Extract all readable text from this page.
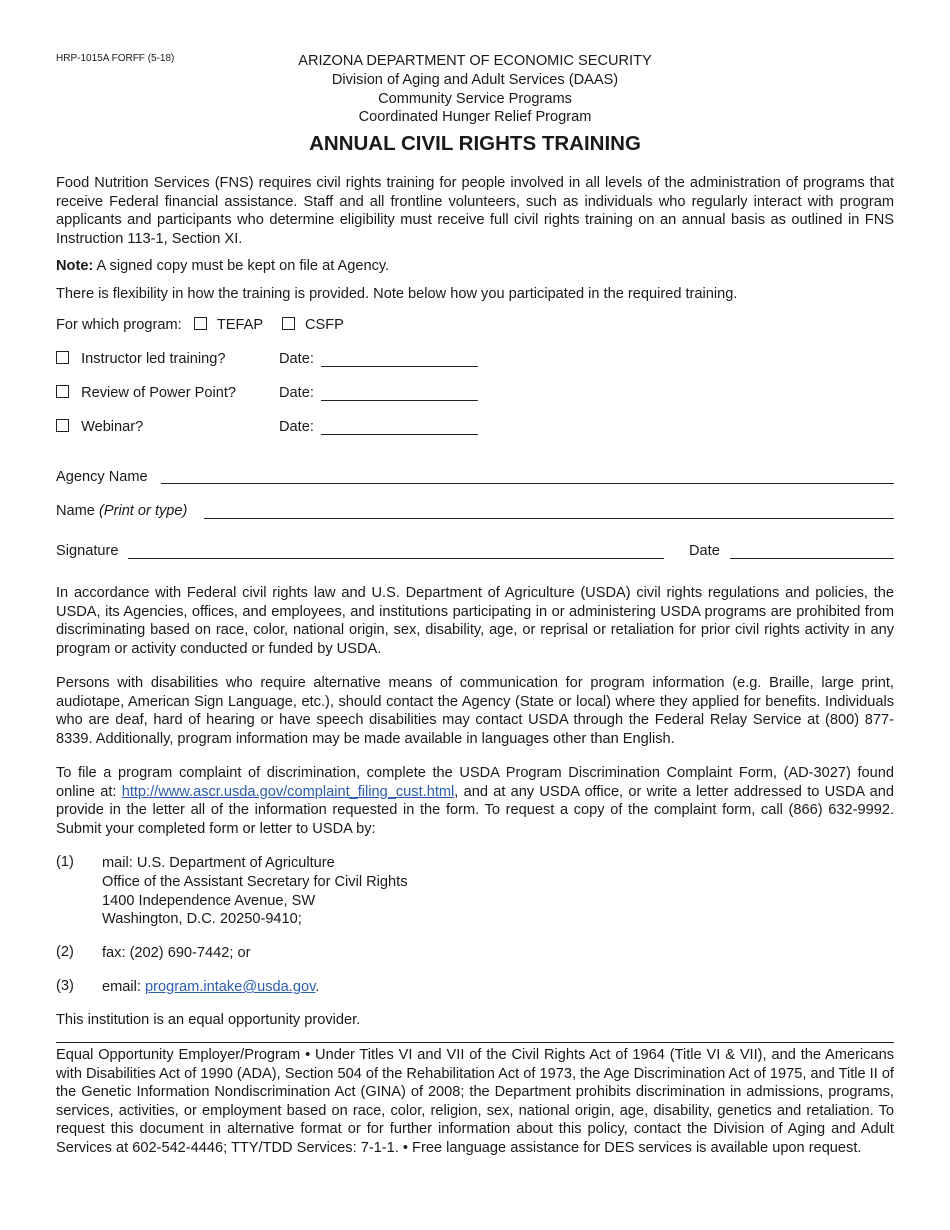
HRP-1015A FORFF (5-18)	ARIZONA DEPARTMENT OF ECONOMIC SECURITY
Division of Aging and Adult Services (DAAS)
Community Service Programs
Coordinated Hunger Relief Program
ANNUAL CIVIL RIGHTS TRAINING
Food Nutrition Services (FNS) requires civil rights training for people involved in all levels of the administration of programs that receive Federal financial assistance. Staff and all frontline volunteers, such as individuals who regularly interact with program applicants and participants who determine eligibility must receive full civil rights training on an annual basis as outlined in FNS Instruction 113-1, Section XI.
Note: A signed copy must be kept on file at Agency.
There is flexibility in how the training is provided. Note below how you participated in the required training.
For which program: TEFAP	CSFP
Instructor led training?	Date:
Review of Power Point?	Date:
Webinar?	Date:
Agency Name
Name (Print or type)
Signature	Date
In accordance with Federal civil rights law and U.S. Department of Agriculture (USDA) civil rights regulations and policies, the USDA, its Agencies, offices, and employees, and institutions participating in or administering USDA programs are prohibited from discriminating based on race, color, national origin, sex, disability, age, or reprisal or retaliation for prior civil rights activity in any program or activity conducted or funded by USDA.
Persons with disabilities who require alternative means of communication for program information (e.g. Braille, large print, audiotape, American Sign Language, etc.), should contact the Agency (State or local) where they applied for benefits. Individuals who are deaf, hard of hearing or have speech disabilities may contact USDA through the Federal Relay Service at (800) 877-8339. Additionally, program information may be made available in languages other than English.
To file a program complaint of discrimination, complete the USDA Program Discrimination Complaint Form, (AD-3027) found online at: http://www.ascr.usda.gov/complaint_filing_cust.html, and at any USDA office, or write a letter addressed to USDA and provide in the letter all of the information requested in the form. To request a copy of the complaint form, call (866) 632-9992. Submit your completed form or letter to USDA by:
(1) mail: U.S. Department of Agriculture
Office of the Assistant Secretary for Civil Rights
1400 Independence Avenue, SW
Washington, D.C. 20250-9410;
(2) fax: (202) 690-7442; or
(3) email: program.intake@usda.gov.
This institution is an equal opportunity provider.
Equal Opportunity Employer/Program • Under Titles VI and VII of the Civil Rights Act of 1964 (Title VI & VII), and the Americans with Disabilities Act of 1990 (ADA), Section 504 of the Rehabilitation Act of 1973, the Age Discrimination Act of 1975, and Title II of the Genetic Information Nondiscrimination Act (GINA) of 2008; the Department prohibits discrimination in admissions, programs, services, activities, or employment based on race, color, religion, sex, national origin, age, disability, genetics and retaliation. To request this document in alternative format or for further information about this policy, contact the Division of Aging and Adult Services at 602-542-4446; TTY/TDD Services: 7-1-1. • Free language assistance for DES services is available upon request.
